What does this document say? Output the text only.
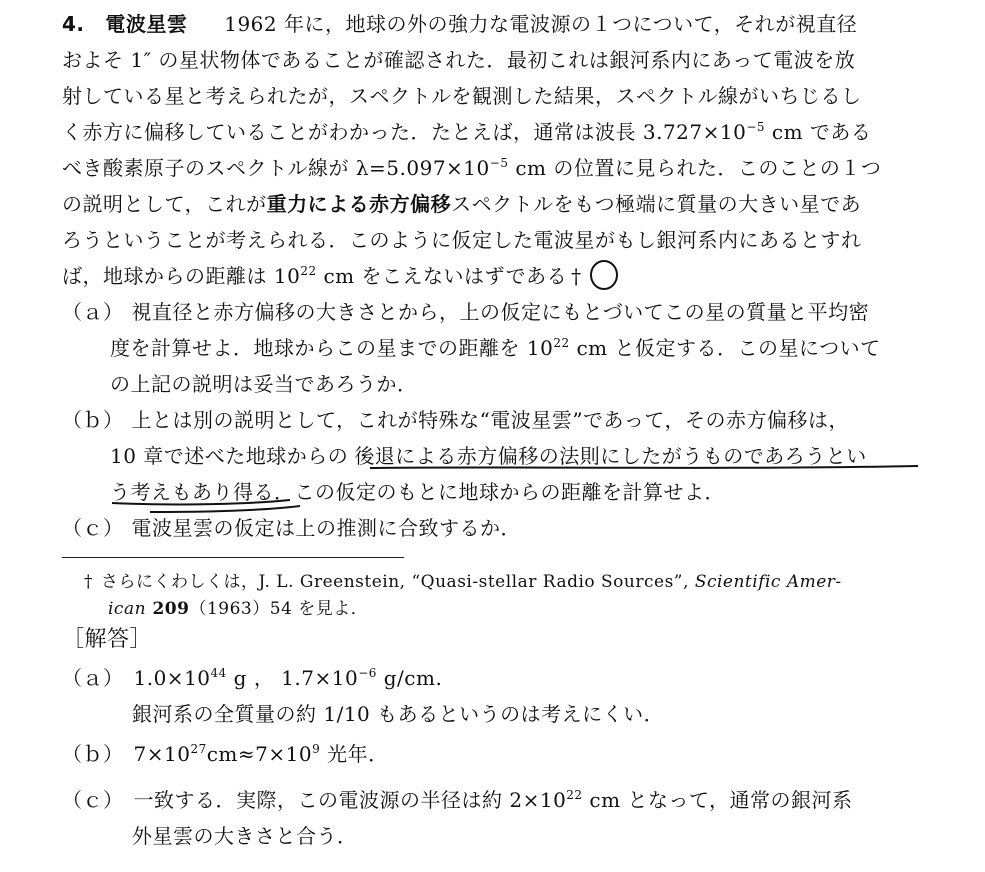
4. 電波星雲 1962 年に，地球の外の強力な電波源の１つについて，それが視直径
およそ 1″ の星状物体であることが確認された．最初これは銀河系内にあって電波を放
射している星と考えられたが，スペクトルを観測した結果，スペクトル線がいちじるし
く赤方に偏移していることがわかった．たとえば，通常は波長 $3.727\times 10^{-5}$ cm である
べき酸素原子のスペクトル線が $\lambda=5.097\times 10^{-5}$ cm の位置に見られた．このことの１つ
の説明として，これが重力による赤方偏移スペクトルをもつ極端に質量の大きい星であ
ろうということが考えられる．このように仮定した電波星がもし銀河系内にあるとすれ
ば，地球からの距離は $10^{22}$ cm をこえないはずである †
（ａ） 視直径と赤方偏移の大きさとから，上の仮定にもとづいてこの星の質量と平均密
度を計算せよ．地球からこの星までの距離を $10^{22}$ cm と仮定する．この星について
の上記の説明は妥当であろうか．
（ｂ） 上とは別の説明として，これが特殊な“電波星雲”であって，その赤方偏移は，
10 章で述べた地球からの 後退による赤方偏移の法則にしたがうものであろうとい
う考えもあり得る．この仮定のもとに地球からの距離を計算せよ．
（ｃ） 電波星雲の仮定は上の推測に合致するか．
† さらにくわしくは，J. L. Greenstein, “Quasi-stellar Radio Sources”, Scientific Amer-
ican 209（1963）54 を見よ．
［解答］
（ａ） $1.0\times 10^{44}$ g ， $1.7\times 10^{-6}$ g/cm.
銀河系の全質量の約 1/10 もあるというのは考えにくい．
（ｂ） $7\times 10^{27}cm\approx 7\times 10^9$ 光年．
（ｃ） 一致する．実際，この電波源の半径は約 $2\times 10^{22}$ cm となって，通常の銀河系
外星雲の大きさと合う．
